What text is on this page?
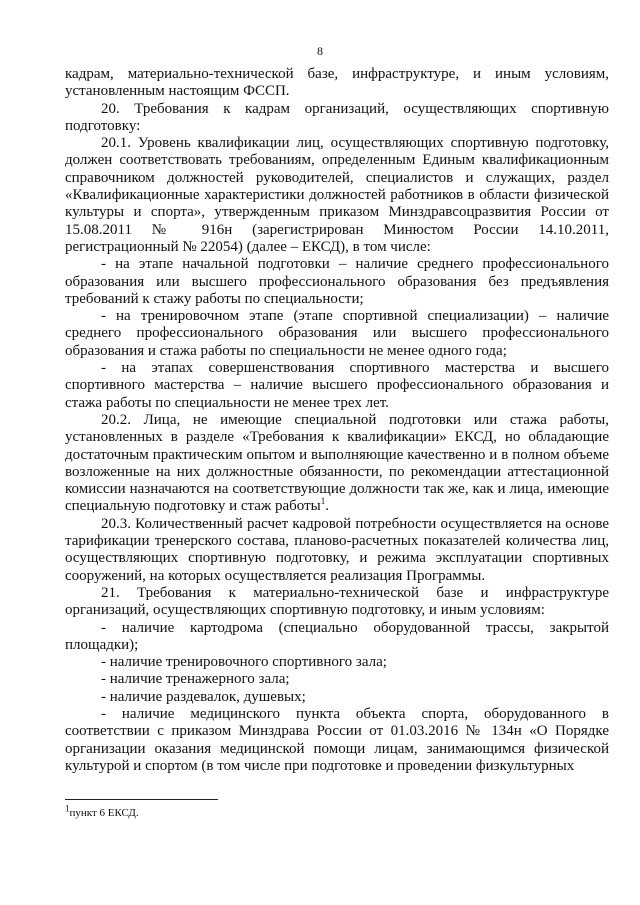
8

кадрам, материально-технической базе, инфраструктуре, и иным условиям, установленным настоящим ФССП.

20. Требования к кадрам организаций, осуществляющих спортивную подготовку:

20.1. Уровень квалификации лиц, осуществляющих спортивную подготовку, должен соответствовать требованиям, определенным Единым квалификационным справочником должностей руководителей, специалистов и служащих, раздел «Квалификационные характеристики должностей работников в области физической культуры и спорта», утвержденным приказом Минздравсоцразвития России от 15.08.2011 № 916н (зарегистрирован Минюстом России 14.10.2011, регистрационный № 22054) (далее – ЕКСД), в том числе:

- на этапе начальной подготовки – наличие среднего профессионального образования или высшего профессионального образования без предъявления требований к стажу работы по специальности;

- на тренировочном этапе (этапе спортивной специализации) – наличие среднего профессионального образования или высшего профессионального образования и стажа работы по специальности не менее одного года;

- на этапах совершенствования спортивного мастерства и высшего спортивного мастерства – наличие высшего профессионального образования и стажа работы по специальности не менее трех лет.

20.2. Лица, не имеющие специальной подготовки или стажа работы, установленных в разделе «Требования к квалификации» ЕКСД, но обладающие достаточным практическим опытом и выполняющие качественно и в полном объеме возложенные на них должностные обязанности, по рекомендации аттестационной комиссии назначаются на соответствующие должности так же, как и лица, имеющие специальную подготовку и стаж работы$^1$.

20.3. Количественный расчет кадровой потребности осуществляется на основе тарификации тренерского состава, планово-расчетных показателей количества лиц, осуществляющих спортивную подготовку, и режима эксплуатации спортивных сооружений, на которых осуществляется реализация Программы.

21. Требования к материально-технической базе и инфраструктуре организаций, осуществляющих спортивную подготовку, и иным условиям:

- наличие картодрома (специально оборудованной трассы, закрытой площадки);

- наличие тренировочного спортивного зала;

- наличие тренажерного зала;

- наличие раздевалок, душевых;

- наличие медицинского пункта объекта спорта, оборудованного в соответствии с приказом Минздрава России от 01.03.2016 № 134н «О Порядке организации оказания медицинской помощи лицам, занимающимся физической культурой и спортом (в том числе при подготовке и проведении физкультурных

$^1$пункт 6 ЕКСД.
